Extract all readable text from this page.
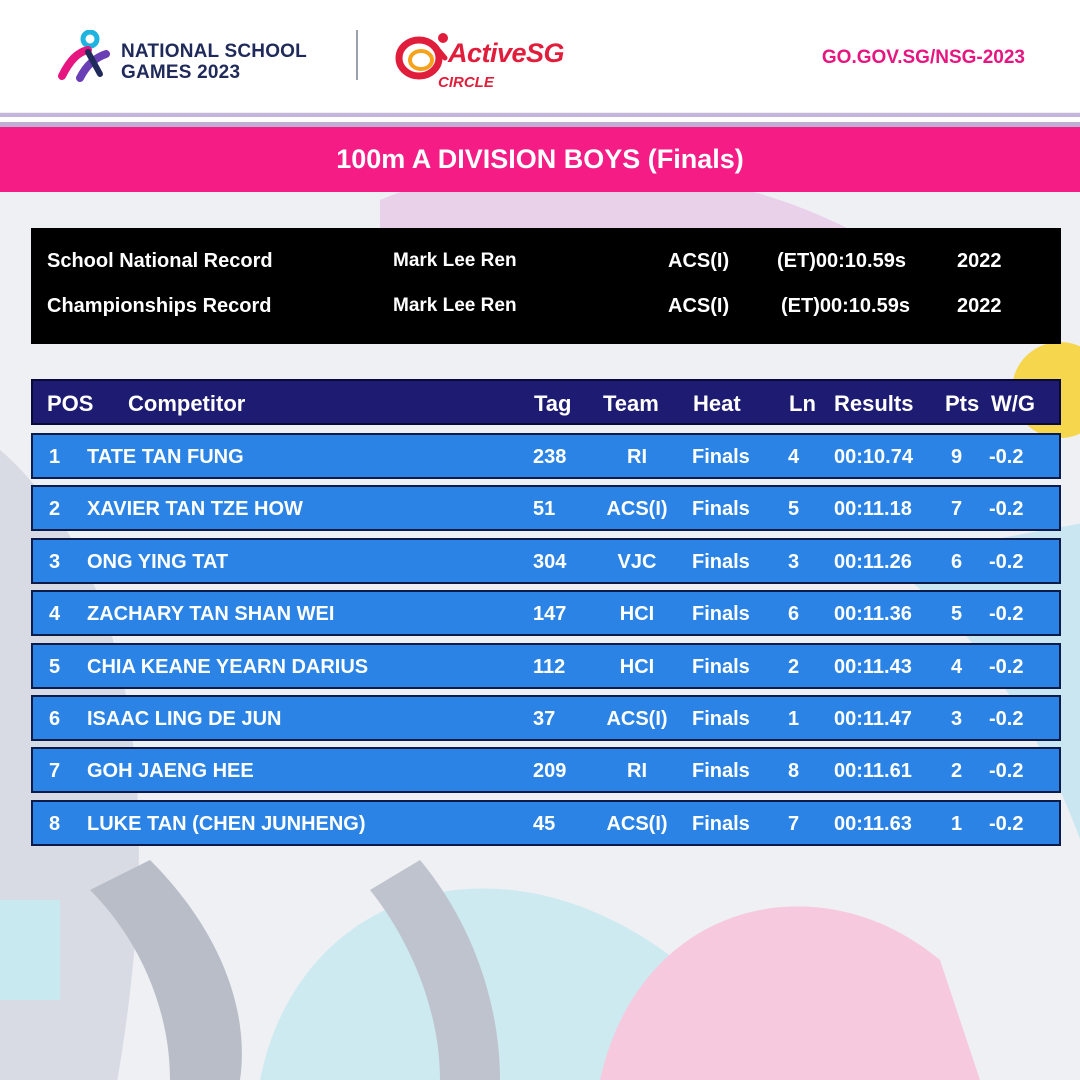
NATIONAL SCHOOL
GAMES 2023
ActiveSG
CIRCLE
GO.GOV.SG/NSG-2023
100m A DIVISION BOYS (Finals)
School National Record	Mark Lee Ren	ACS(I) (ET)00:10.59s	2022
Championships Record	Mark Lee Ren	ACS(I)	(ET)00:10.59s 2022
POS Competitor	Tag Team Heat Ln Results Pts W/G
1 TATE TAN FUNG	238	RI	Finals 4 00:10.74 9 -0.2
2 XAVIER TAN TZE HOW	51	ACS(I)	Finals 5 00:11.18 7 -0.2
3 ONG YING TAT	304	VJC	Finals 3 00:11.26 6 -0.2
4 ZACHARY TAN SHAN WEI	147	HCI	Finals 6 00:11.36 5 -0.2
5 CHIA KEANE YEARN DARIUS	112	HCI	Finals 2 00:11.43 4 -0.2
6 ISAAC LING DE JUN	37	ACS(I)	Finals 1 00:11.47 3 -0.2
7 GOH JAENG HEE	209	RI	Finals 8 00:11.61 2 -0.2
8 LUKE TAN (CHEN JUNHENG)	45	ACS(I)	Finals 7 00:11.63 1 -0.2
